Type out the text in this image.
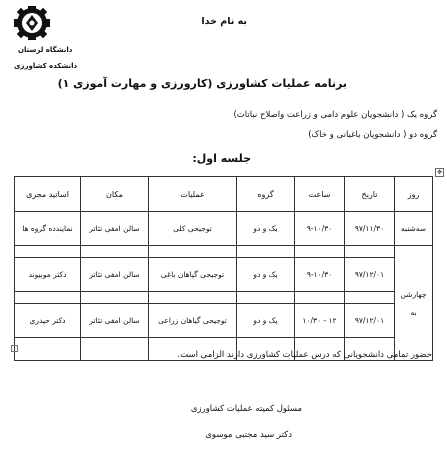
دانشگاه لرستان
دانشکده کشاورزی
به نام خدا
برنامه عملیات کشاورزی (کارورزی و مهارت آموزی ۱)
گروه یک ( دانشجویان علوم دامی و زراعت واصلاح نباتات)
گروه دو ( دانشجویان باغبانی و خاک)
جلسه اول:
✥
روز	تاریخ	ساعت	گروه	عملیات	مکان	اساتید مجری
سه‌شنبه	۹۷/۱۱/۳۰	۹-۱۰/۳۰	یک و دو	توجیحی کلی	سالن امفی تئاتر	نمایندده گروه ها

چهارشن

به						

	۹۷/۱۲/۰۱	۹-۱۰/۳۰	یک و دو	توجیحی گیاهان باغی	سالن امفی تئاتر	دکتر موبیوند

	۹۷/۱۲/۰۱	۱۲ - ۱۰/۳۰	یک و دو	توجیحی گیاهان زراعی	سالن امفی تئاتر	دکتر حیدری

حضور تمامی دانشجویانی که درس عملیات کشاورزی دارند الزامی است.
مسئول کمیته عملیات کشاورزی
دکتر سید مجتبی موسوی
